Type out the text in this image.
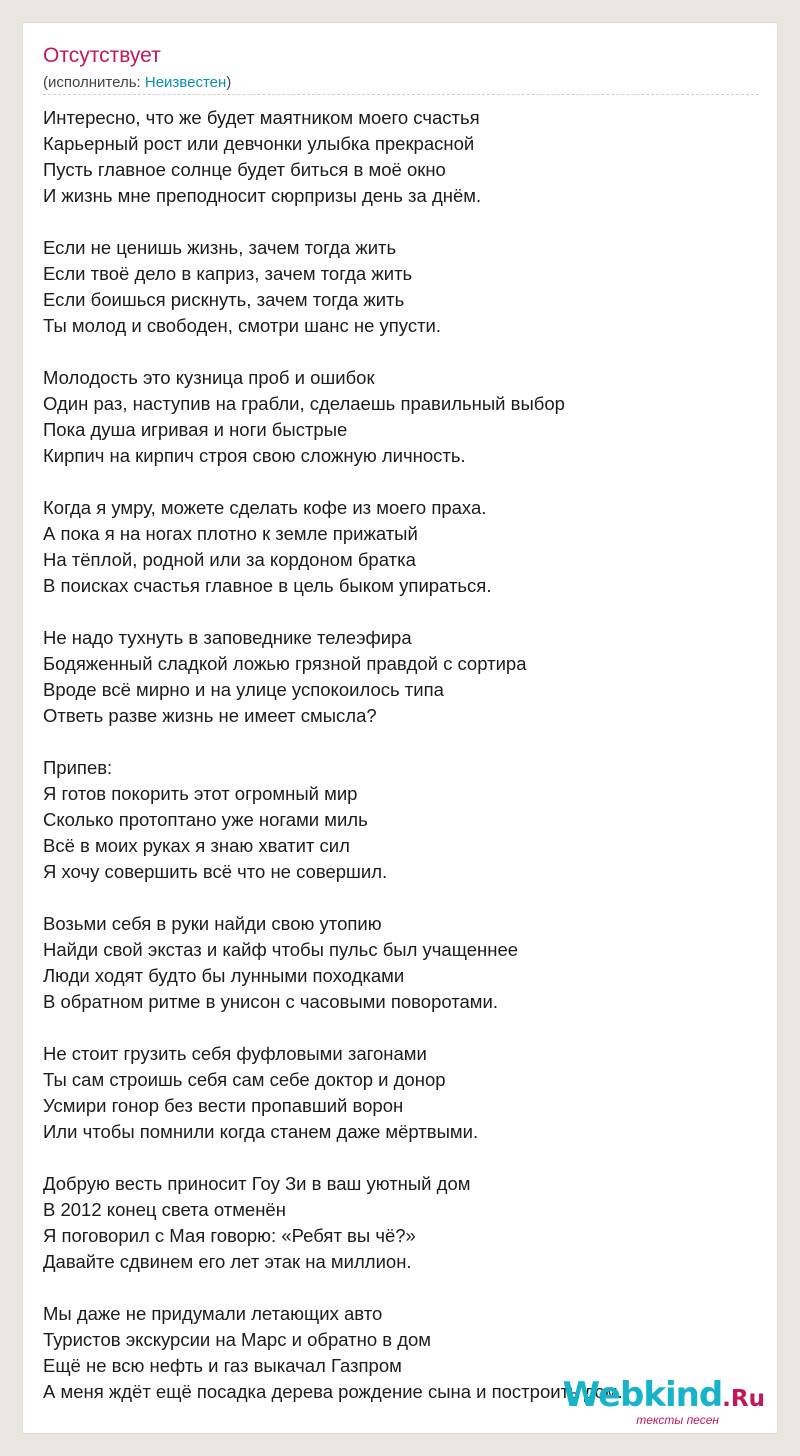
Отсутствует
(исполнитель: Неизвестен)
Интересно, что же будет маятником моего счастья
Карьерный рост или девчонки улыбка прекрасной
Пусть главное солнце будет биться в моё окно
И жизнь мне преподносит сюрпризы день за днём.
Если не ценишь жизнь, зачем тогда жить
Если твоё дело в каприз, зачем тогда жить
Если боишься рискнуть, зачем тогда жить
Ты молод и свободен, смотри шанс не упусти.
Молодость это кузница проб и ошибок
Один раз, наступив на грабли, сделаешь правильный выбор
Пока душа игривая и ноги быстрые
Кирпич на кирпич строя свою сложную личность.
Когда я умру, можете сделать кофе из моего праха.
А пока я на ногах плотно к земле прижатый
На тёплой, родной или за кордоном братка
В поисках счастья главное в цель быком упираться.
Не надо тухнуть в заповеднике телеэфира
Бодяженный сладкой ложью грязной правдой с сортира
Вроде всё мирно и на улице успокоилось типа
Ответь разве жизнь не имеет смысла?
Припев:
Я готов покорить этот огромный мир
Сколько протоптано уже ногами миль
Всё в моих руках я знаю хватит сил
Я хочу совершить всё что не совершил.
Возьми себя в руки найди свою утопию
Найди свой экстаз и кайф чтобы пульс был учащеннее
Люди ходят будто бы лунными походками
В обратном ритме в унисон с часовыми поворотами.
Не стоит грузить себя фуфловыми загонами
Ты сам строишь себя сам себе доктор и донор
Усмири гонор без вести пропавший ворон
Или чтобы помнили когда станем даже мёртвыми.
Добрую весть приносит Гоу Зи в ваш уютный дом
В 2012 конец света отменён
Я поговорил с Мая говорю: «Ребят вы чё?»
Давайте сдвинем его лет этак на миллион.
Мы даже не придумали летающих авто
Туристов экскурсии на Марс и обратно в дом
Ещё не всю нефть и газ выкачал Газпром
А меня ждёт ещё посадка дерева рождение сына и построить дом.
Webkind.Ru
тексты песен
